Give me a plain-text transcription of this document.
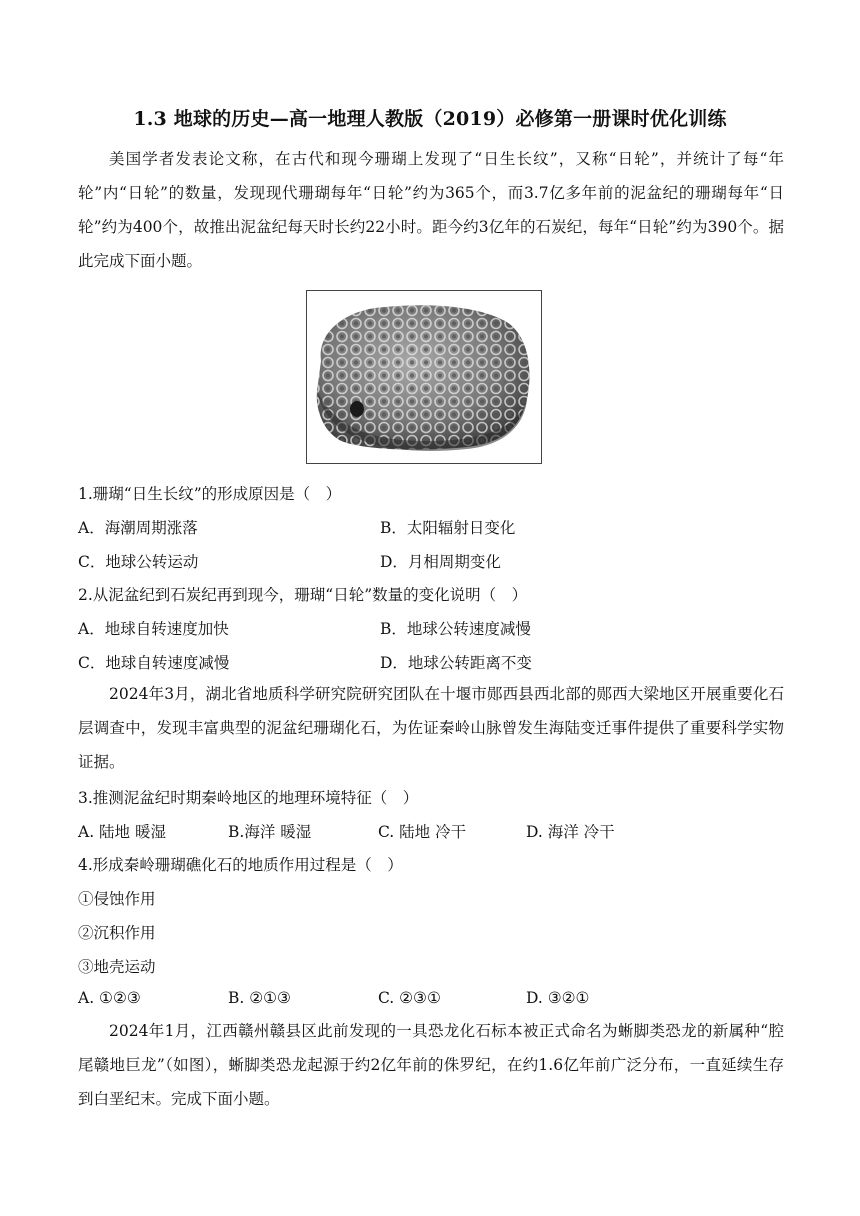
1.3 地球的历史—高一地理人教版（2019）必修第一册课时优化训练

美国学者发表论文称，在古代和现今珊瑚上发现了“日生长纹”，又称“日轮”，并统计了每“年轮”内“日轮”的数量，发现现代珊瑚每年“日轮”约为365个，而3.7亿多年前的泥盆纪的珊瑚每年“日轮”约为400个，故推出泥盆纪每天时长约22小时。距今约3亿年的石炭纪，每年“日轮”约为390个。据此完成下面小题。

1.珊瑚“日生长纹”的形成原因是（　）
A．海潮周期涨落	B．太阳辐射日变化
C．地球公转运动	D．月相周期变化
2.从泥盆纪到石炭纪再到现今，珊瑚“日轮”数量的变化说明（　）
A．地球自转速度加快	B．地球公转速度减慢
C．地球自转速度减慢	D．地球公转距离不变

2024年3月，湖北省地质科学研究院研究团队在十堰市郧西县西北部的郧西大梁地区开展重要化石层调查中，发现丰富典型的泥盆纪珊瑚化石，为佐证秦岭山脉曾发生海陆变迁事件提供了重要科学实物证据。

3.推测泥盆纪时期秦岭地区的地理环境特征（　）
A. 陆地 暖湿	B.海洋 暖湿	C. 陆地 冷干	D. 海洋 冷干
4.形成秦岭珊瑚礁化石的地质作用过程是（　）
①侵蚀作用
②沉积作用
③地壳运动
A. ①②③	B. ②①③	C. ②③①	D. ③②①

2024年1月，江西赣州赣县区此前发现的一具恐龙化石标本被正式命名为蜥脚类恐龙的新属种“腔尾赣地巨龙”（如图），蜥脚类恐龙起源于约2亿年前的侏罗纪，在约1.6亿年前广泛分布，一直延续生存到白垩纪末。完成下面小题。
